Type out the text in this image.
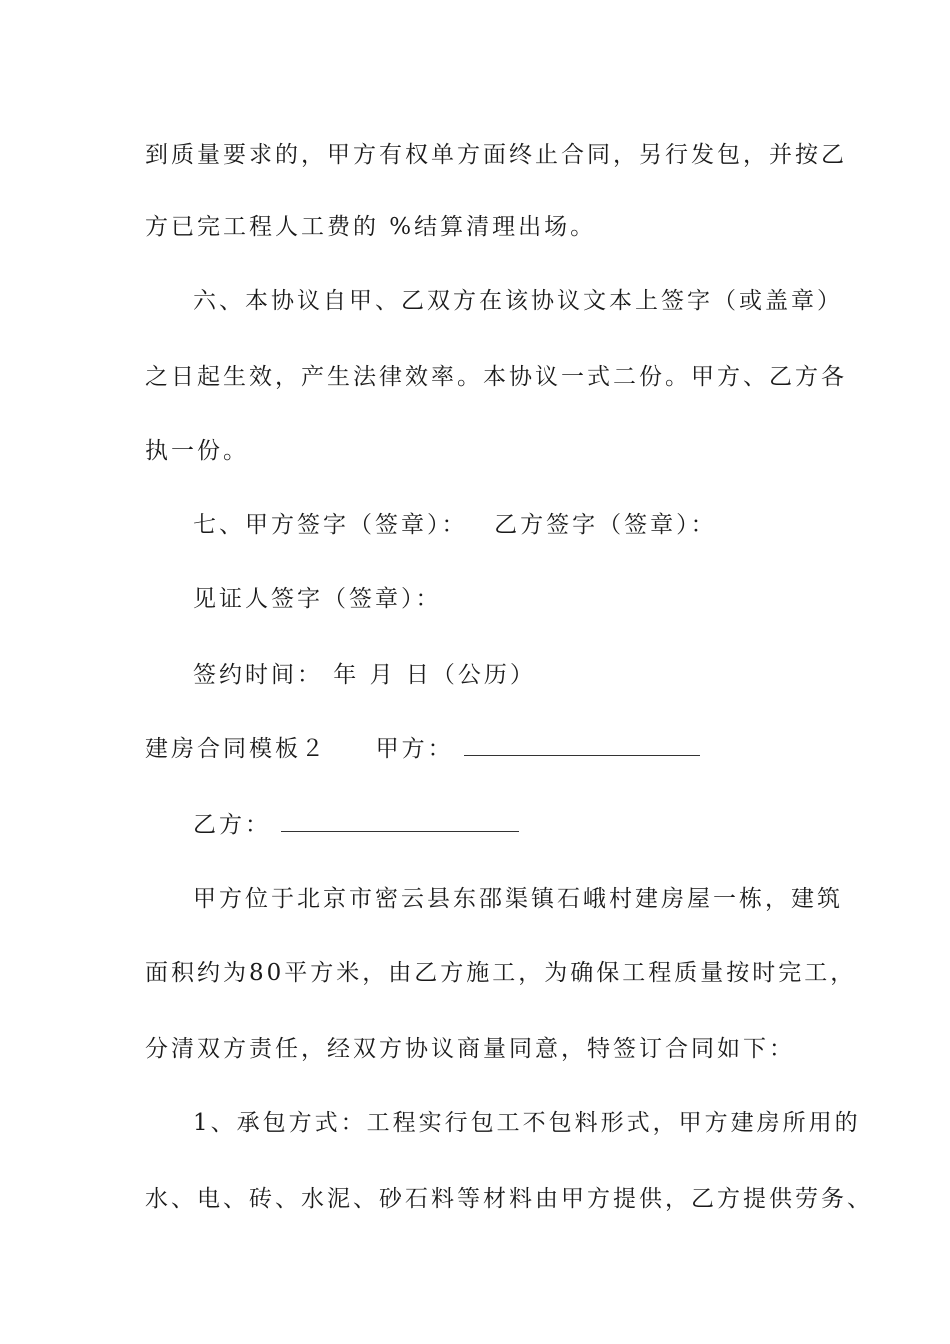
到质量要求的，甲方有权单方面终止合同，另行发包，并按乙
方已完工程人工费的 %结算清理出场。
六、本协议自甲、乙双方在该协议文本上签字（或盖章）
之日起生效，产生法律效率。本协议一式二份。甲方、乙方各
执一份。
七、甲方签字（签章）： 乙方签字（签章）：
见证人签字（签章）：
签约时间： 年 月 日（公历）
建房合同模板２ 甲方：
乙方：
甲方位于北京市密云县东邵渠镇石峨村建房屋一栋，建筑
面积约为80平方米，由乙方施工，为确保工程质量按时完工，
分清双方责任，经双方协议商量同意，特签订合同如下：
1、承包方式：工程实行包工不包料形式，甲方建房所用的
水、电、砖、水泥、砂石料等材料由甲方提供，乙方提供劳务、
